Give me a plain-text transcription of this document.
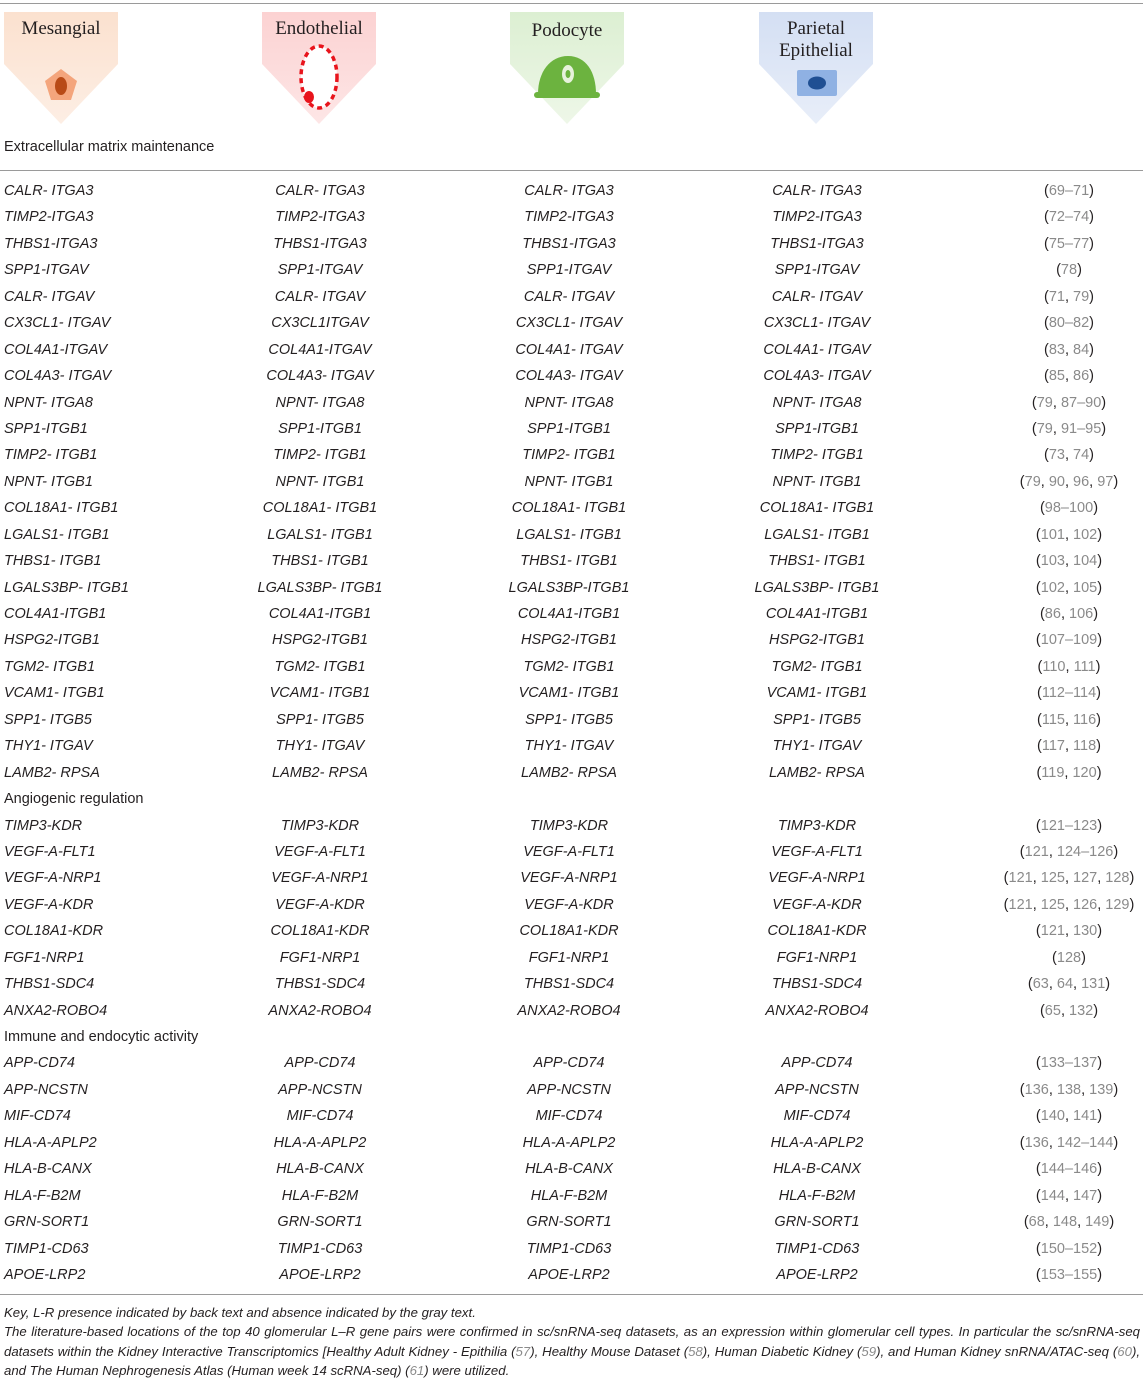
Mesangial	Endothelial	Podocyte	Parietal
Epithelial
Extracellular matrix maintenance
CALR- ITGA3	CALR- ITGA3	CALR- ITGA3	CALR- ITGA3	(69–71)
TIMP2-ITGA3	TIMP2-ITGA3	TIMP2-ITGA3	TIMP2-ITGA3	(72–74)
THBS1-ITGA3	THBS1-ITGA3	THBS1-ITGA3	THBS1-ITGA3	(75–77)
SPP1-ITGAV	SPP1-ITGAV	SPP1-ITGAV	SPP1-ITGAV	(78)
CALR- ITGAV	CALR- ITGAV	CALR- ITGAV	CALR- ITGAV	(71, 79)
CX3CL1- ITGAV	CX3CL1ITGAV	CX3CL1- ITGAV	CX3CL1- ITGAV	(80–82)
COL4A1-ITGAV	COL4A1-ITGAV	COL4A1- ITGAV	COL4A1- ITGAV	(83, 84)
COL4A3- ITGAV	COL4A3- ITGAV	COL4A3- ITGAV	COL4A3- ITGAV	(85, 86)
NPNT- ITGA8	NPNT- ITGA8	NPNT- ITGA8	NPNT- ITGA8	(79, 87–90)
SPP1-ITGB1	SPP1-ITGB1	SPP1-ITGB1	SPP1-ITGB1	(79, 91–95)
TIMP2- ITGB1	TIMP2- ITGB1	TIMP2- ITGB1	TIMP2- ITGB1	(73, 74)
NPNT- ITGB1	NPNT- ITGB1	NPNT- ITGB1	NPNT- ITGB1	(79, 90, 96, 97)
COL18A1- ITGB1	COL18A1- ITGB1	COL18A1- ITGB1	COL18A1- ITGB1	(98–100)
LGALS1- ITGB1	LGALS1- ITGB1	LGALS1- ITGB1	LGALS1- ITGB1	(101, 102)
THBS1- ITGB1	THBS1- ITGB1	THBS1- ITGB1	THBS1- ITGB1	(103, 104)
LGALS3BP- ITGB1	LGALS3BP- ITGB1	LGALS3BP-ITGB1	LGALS3BP- ITGB1	(102, 105)
COL4A1-ITGB1	COL4A1-ITGB1	COL4A1-ITGB1	COL4A1-ITGB1	(86, 106)
HSPG2-ITGB1	HSPG2-ITGB1	HSPG2-ITGB1	HSPG2-ITGB1	(107–109)
TGM2- ITGB1	TGM2- ITGB1	TGM2- ITGB1	TGM2- ITGB1	(110, 111)
VCAM1- ITGB1	VCAM1- ITGB1	VCAM1- ITGB1	VCAM1- ITGB1	(112–114)
SPP1- ITGB5	SPP1- ITGB5	SPP1- ITGB5	SPP1- ITGB5	(115, 116)
THY1- ITGAV	THY1- ITGAV	THY1- ITGAV	THY1- ITGAV	(117, 118)
LAMB2- RPSA	LAMB2- RPSA	LAMB2- RPSA	LAMB2- RPSA	(119, 120)
Angiogenic regulation
TIMP3-KDR	TIMP3-KDR	TIMP3-KDR	TIMP3-KDR	(121–123)
VEGF-A-FLT1	VEGF-A-FLT1	VEGF-A-FLT1	VEGF-A-FLT1	(121, 124–126)
VEGF-A-NRP1	VEGF-A-NRP1	VEGF-A-NRP1	VEGF-A-NRP1	(121, 125, 127, 128)
VEGF-A-KDR	VEGF-A-KDR	VEGF-A-KDR	VEGF-A-KDR	(121, 125, 126, 129)
COL18A1-KDR	COL18A1-KDR	COL18A1-KDR	COL18A1-KDR	(121, 130)
FGF1-NRP1	FGF1-NRP1	FGF1-NRP1	FGF1-NRP1	(128)
THBS1-SDC4	THBS1-SDC4	THBS1-SDC4	THBS1-SDC4	(63, 64, 131)
ANXA2-ROBO4	ANXA2-ROBO4	ANXA2-ROBO4	ANXA2-ROBO4	(65, 132)
Immune and endocytic activity
APP-CD74	APP-CD74	APP-CD74	APP-CD74	(133–137)
APP-NCSTN	APP-NCSTN	APP-NCSTN	APP-NCSTN	(136, 138, 139)
MIF-CD74	MIF-CD74	MIF-CD74	MIF-CD74	(140, 141)
HLA-A-APLP2	HLA-A-APLP2	HLA-A-APLP2	HLA-A-APLP2	(136, 142–144)
HLA-B-CANX	HLA-B-CANX	HLA-B-CANX	HLA-B-CANX	(144–146)
HLA-F-B2M	HLA-F-B2M	HLA-F-B2M	HLA-F-B2M	(144, 147)
GRN-SORT1	GRN-SORT1	GRN-SORT1	GRN-SORT1	(68, 148, 149)
TIMP1-CD63	TIMP1-CD63	TIMP1-CD63	TIMP1-CD63	(150–152)
APOE-LRP2	APOE-LRP2	APOE-LRP2	APOE-LRP2	(153–155)

Key, L-R presence indicated by back text and absence indicated by the gray text.

The literature-based locations of the top 40 glomerular L–R gene pairs were confirmed in sc/snRNA-seq datasets, as an expression within glomerular cell types. In particular the sc/snRNA-seq datasets within the Kidney Interactive Transcriptomics [Healthy Adult Kidney - Epithilia (57), Healthy Mouse Dataset (58), Human Diabetic Kidney (59), and Human Kidney snRNA/ATAC-seq (60), and The Human Nephrogenesis Atlas (Human week 14 scRNA-seq) (61) were utilized.
